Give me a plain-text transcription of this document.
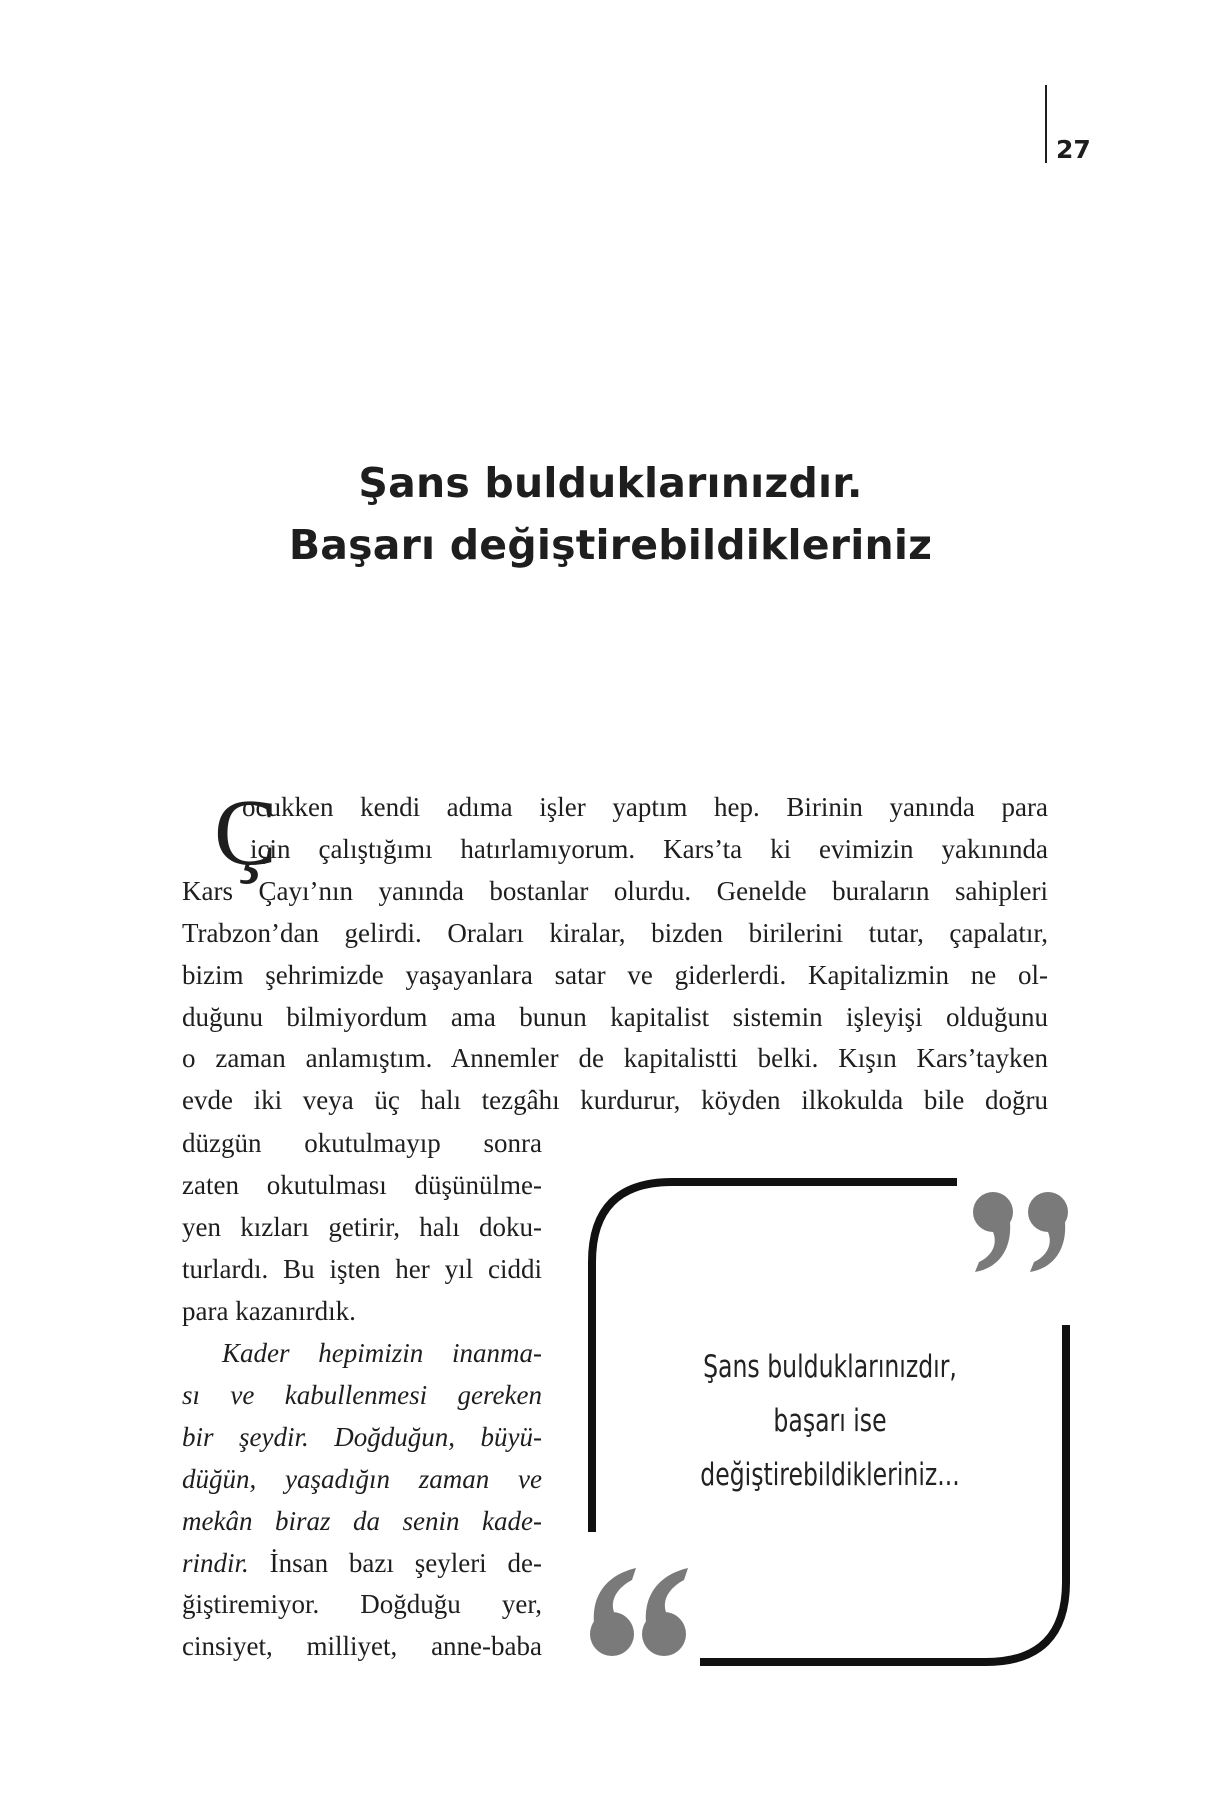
27
Şans bulduklarınızdır.
Başarı değiştirebildikleriniz
Ç

ocukken kendi adıma işler yaptım hep. Birinin yanında para
için çalıştığımı hatırlamıyorum. Kars’ta ki evimizin yakınında
Kars Çayı’nın yanında bostanlar olurdu. Genelde buraların sahipleri
Trabzon’dan gelirdi. Oraları kiralar, bizden birilerini tutar, çapalatır,
bizim şehrimizde yaşayanlara satar ve giderlerdi. Kapitalizmin ne ol-
duğunu bilmiyordum ama bunun kapitalist sistemin işleyişi olduğunu
o zaman anlamıştım. Annemler de kapitalistti belki. Kışın Kars’tayken
evde iki veya üç halı tezgâhı kurdurur, köyden ilkokulda bile doğru

düzgün okutulmayıp sonra
zaten okutulması düşünülme-
yen kızları getirir, halı doku-
turlardı. Bu işten her yıl ciddi
para kazanırdık.

Kader hepimizin inanma-
sı ve kabullenmesi gereken
bir şeydir. Doğduğun, büyü-
düğün, yaşadığın zaman ve
mekân biraz da senin kade-
rindir. İnsan bazı şeyleri de-
ğiştiremiyor. Doğduğu yer,
cinsiyet, milliyet, anne-baba

Şans bulduklarınızdır,
başarı ise
değiştirebildikleriniz...
